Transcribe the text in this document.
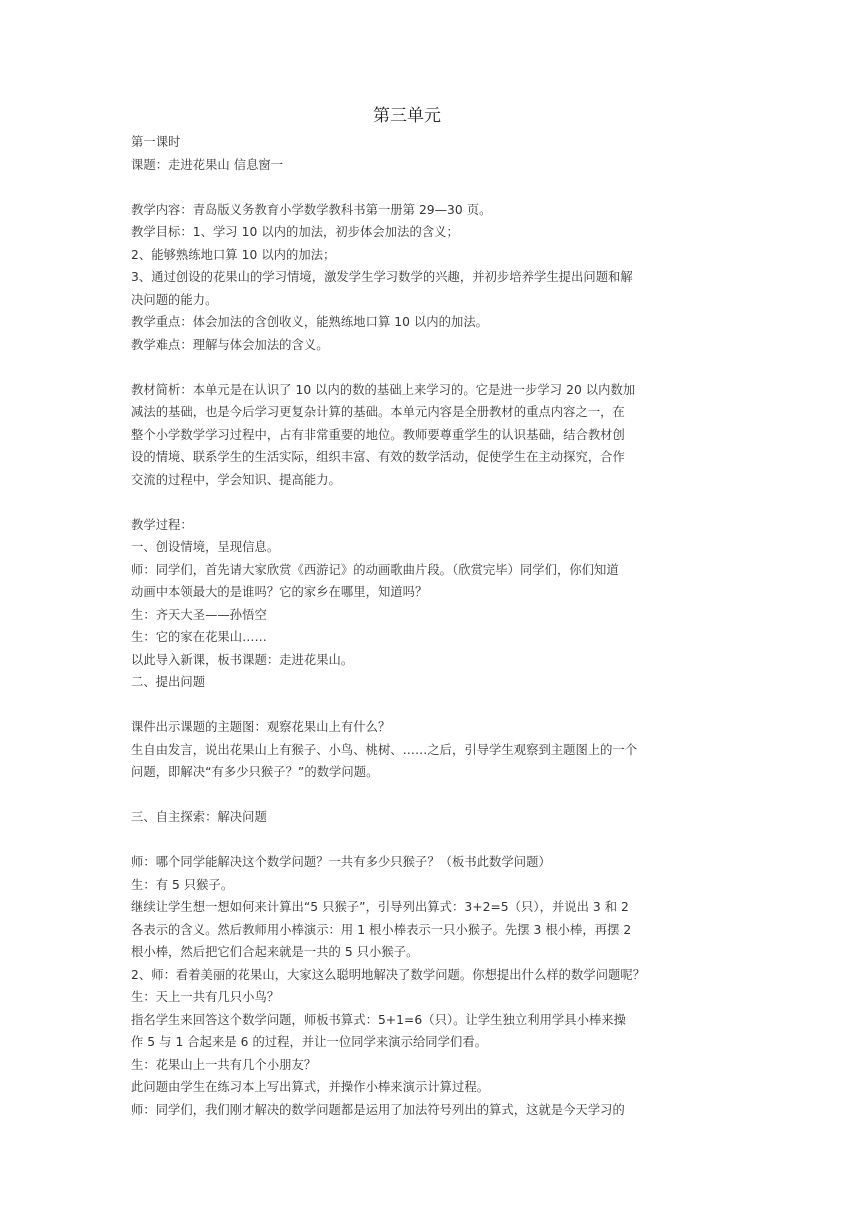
第三单元
第一课时
课题：走进花果山 信息窗一
教学内容：青岛版义务教育小学数学教科书第一册第 29—30 页。
教学目标：1、学习 10 以内的加法，初步体会加法的含义；
2、能够熟练地口算 10 以内的加法；
3、通过创设的花果山的学习情境，激发学生学习数学的兴趣，并初步培养学生提出问题和解
决问题的能力。
教学重点：体会加法的含创收义，能熟练地口算 10 以内的加法。
教学难点：理解与体会加法的含义。
教材简析：本单元是在认识了 10 以内的数的基础上来学习的。它是进一步学习 20 以内数加
减法的基础，也是今后学习更复杂计算的基础。本单元内容是全册教材的重点内容之一，在
整个小学数学学习过程中，占有非常重要的地位。教师要尊重学生的认识基础，结合教材创
设的情境、联系学生的生活实际，组织丰富、有效的数学活动，促使学生在主动探究，合作
交流的过程中，学会知识、提高能力。
教学过程：
一、创设情境，呈现信息。
师：同学们，首先请大家欣赏《西游记》的动画歌曲片段。（欣赏完毕）同学们，你们知道
动画中本领最大的是谁吗？它的家乡在哪里，知道吗？
生：齐天大圣——孙悟空
生：它的家在花果山……
以此导入新课，板书课题：走进花果山。
二、提出问题
课件出示课题的主题图：观察花果山上有什么？
生自由发言，说出花果山上有猴子、小鸟、桃树、……之后，引导学生观察到主题图上的一个
问题，即解决“有多少只猴子？”的数学问题。
三、自主探索：解决问题
师：哪个同学能解决这个数学问题？一共有多少只猴子？（板书此数学问题）
生：有 5 只猴子。
继续让学生想一想如何来计算出“5 只猴子”，引导列出算式：3+2=5（只），并说出 3 和 2
各表示的含义。然后教师用小棒演示：用 1 根小棒表示一只小猴子。先摆 3 根小棒，再摆 2
根小棒，然后把它们合起来就是一共的 5 只小猴子。
2、师：看着美丽的花果山，大家这么聪明地解决了数学问题。你想提出什么样的数学问题呢？
生：天上一共有几只小鸟？
指名学生来回答这个数学问题，师板书算式：5+1=6（只）。让学生独立利用学具小棒来操
作 5 与 1 合起来是 6 的过程，并让一位同学来演示给同学们看。
生：花果山上一共有几个小朋友？
此问题由学生在练习本上写出算式，并操作小棒来演示计算过程。
师：同学们，我们刚才解决的数学问题都是运用了加法符号列出的算式，这就是今天学习的
